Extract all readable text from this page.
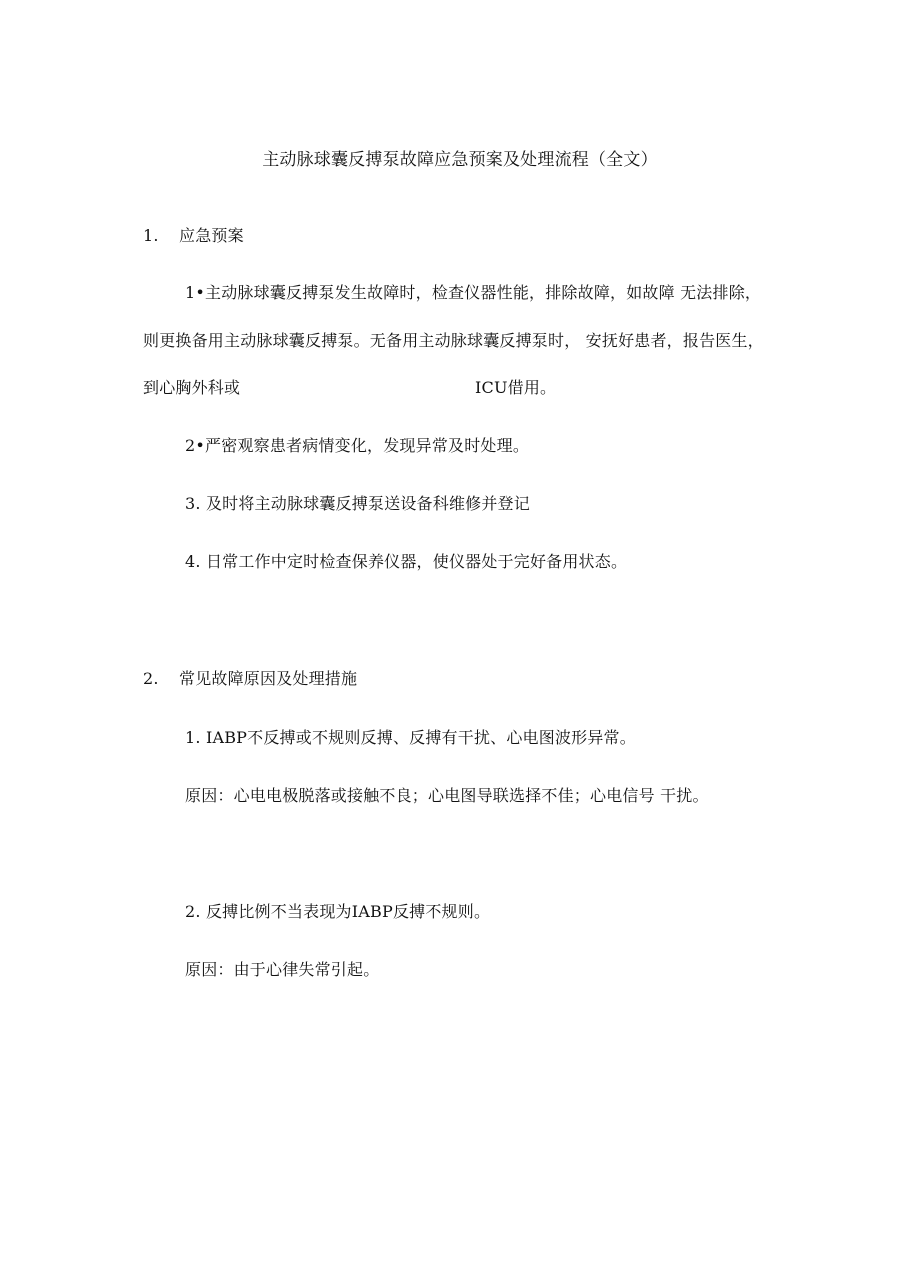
主动脉球囊反搏泵故障应急预案及处理流程（全文）
1. 应急预案
1•主动脉球囊反搏泵发生故障时，检查仪器性能，排除故障，如故障 无法排除，
则更换备用主动脉球囊反搏泵。无备用主动脉球囊反搏泵时， 安抚好患者，报告医生，
到心胸外科或	ICU借用。
2•严密观察患者病情变化，发现异常及时处理。
3. 及时将主动脉球囊反搏泵送设备科维修并登记
4. 日常工作中定时检查保养仪器，使仪器处于完好备用状态。
2. 常见故障原因及处理措施
1. IABP不反搏或不规则反搏、反搏有干扰、心电图波形异常。
原因：心电电极脱落或接触不良；心电图导联选择不佳；心电信号 干扰。
2. 反搏比例不当表现为IABP反搏不规则。
原因：由于心律失常引起。
